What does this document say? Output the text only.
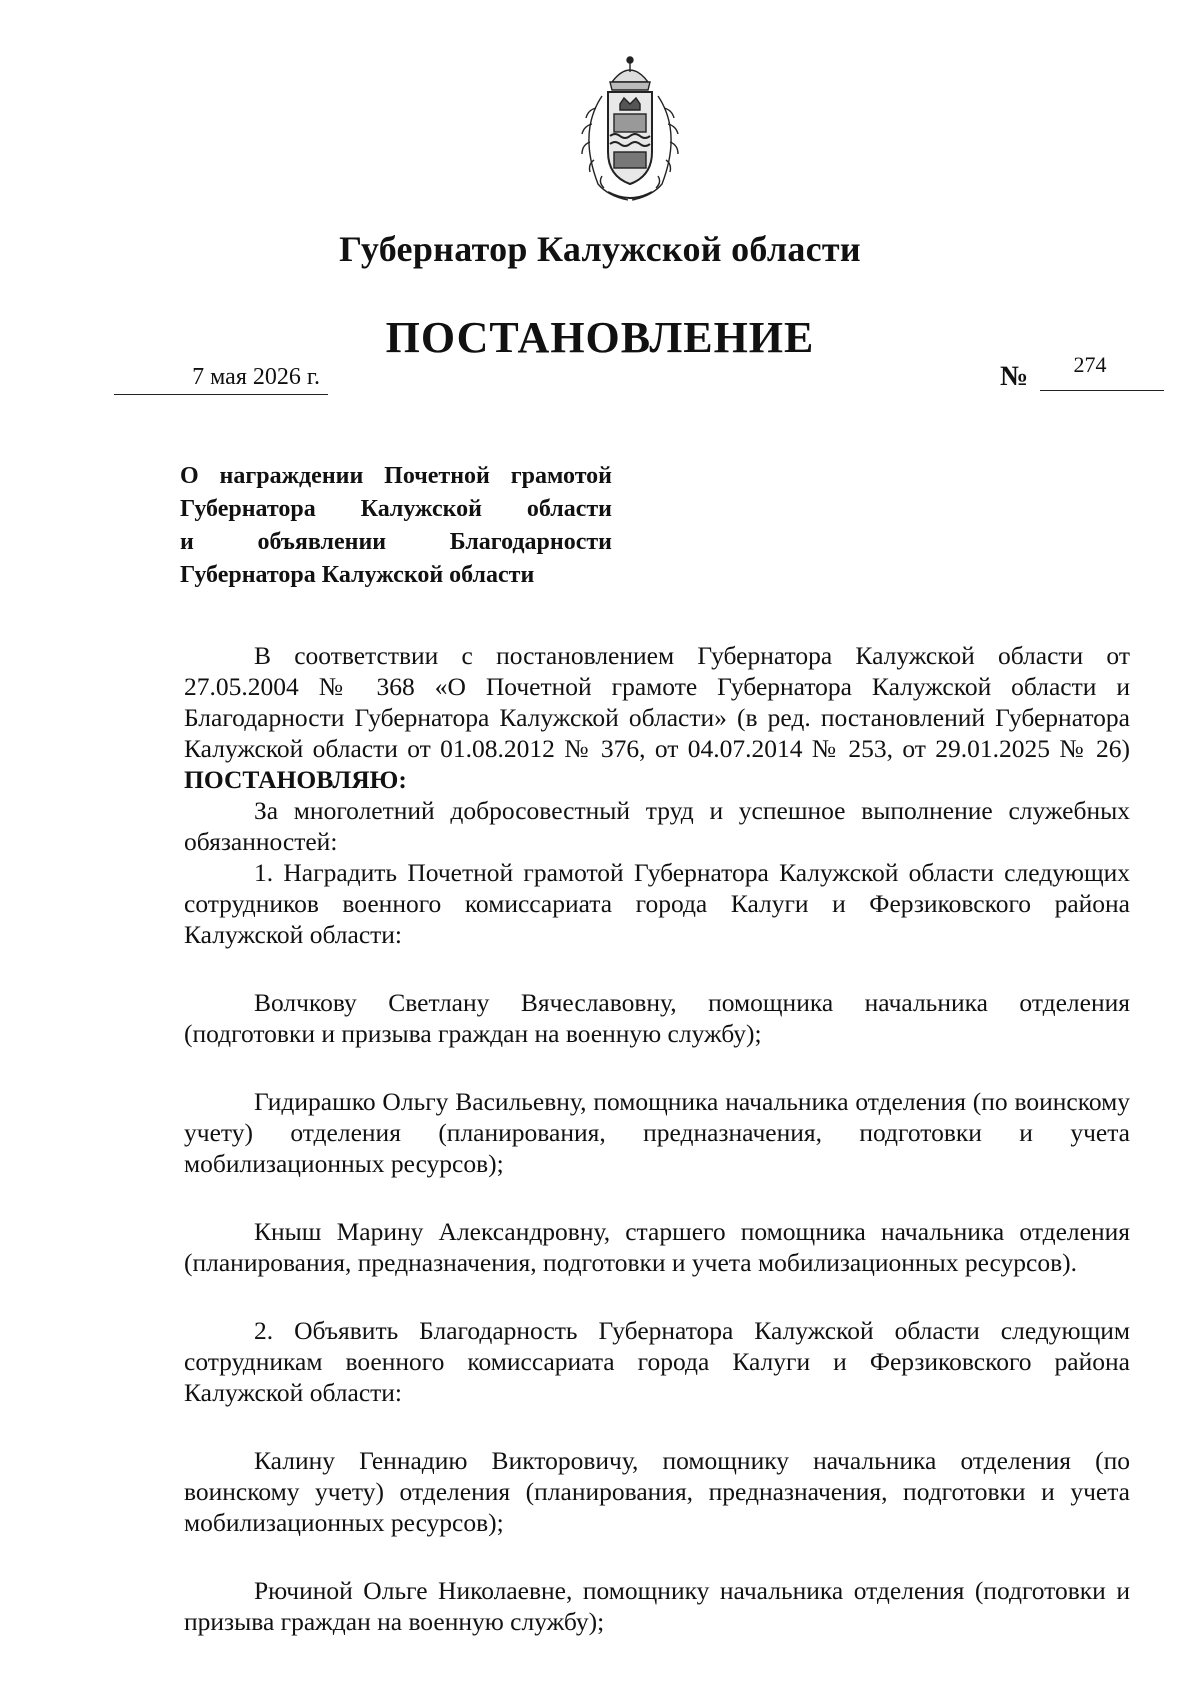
Губернатор Калужской области
ПОСТАНОВЛЕНИЕ
7 мая 2026 г.	№	274
О награждении Почетной грамотой
Губернатора Калужской области
и объявлении Благодарности
Губернатора Калужской области

В соответствии с постановлением Губернатора Калужской области от 27.05.2004 № 368 «О Почетной грамоте Губернатора Калужской области и Благодарности Губернатора Калужской области» (в ред. постановлений Губернатора Калужской области от 01.08.2012 № 376, от 04.07.2014 № 253, от 29.01.2025 № 26) ПОСТАНОВЛЯЮ:

За многолетний добросовестный труд и успешное выполнение служебных обязанностей:

1. Наградить Почетной грамотой Губернатора Калужской области следующих сотрудников военного комиссариата города Калуги и Ферзиковского района Калужской области:

Волчкову Светлану Вячеславовну, помощника начальника отделения (подготовки и призыва граждан на военную службу);

Гидирашко Ольгу Васильевну, помощника начальника отделения (по воинскому учету) отделения (планирования, предназначения, подготовки и учета мобилизационных ресурсов);

Кныш Марину Александровну, старшего помощника начальника отделения (планирования, предназначения, подготовки и учета мобилизационных ресурсов).

2. Объявить Благодарность Губернатора Калужской области следующим сотрудникам военного комиссариата города Калуги и Ферзиковского района Калужской области:

Калину Геннадию Викторовичу, помощнику начальника отделения (по воинскому учету) отделения (планирования, предназначения, подготовки и учета мобилизационных ресурсов);

Рючиной Ольге Николаевне, помощнику начальника отделения (подготовки и призыва граждан на военную службу);
